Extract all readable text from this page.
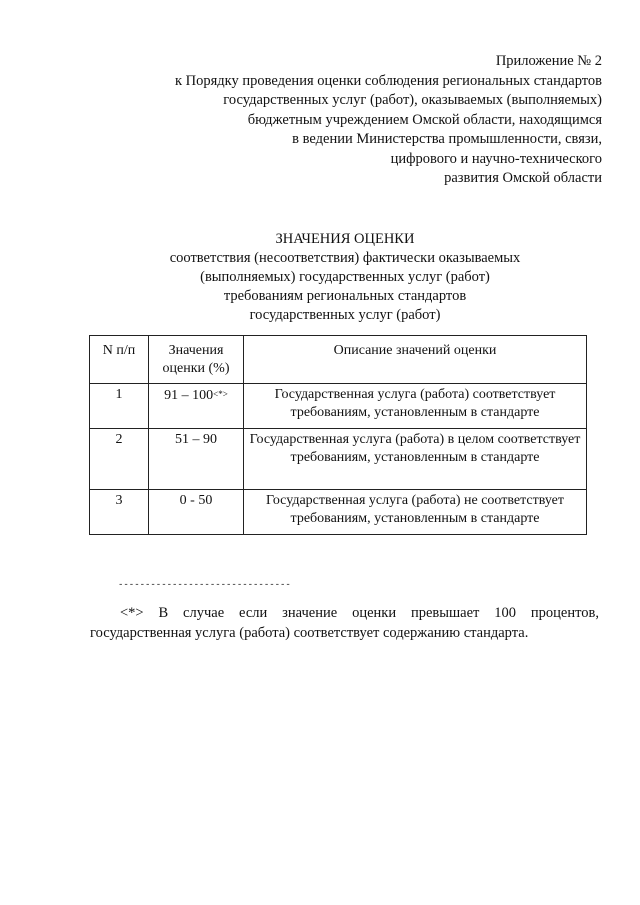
Приложение № 2
к Порядку проведения оценки соблюдения региональных стандартов
государственных услуг (работ), оказываемых (выполняемых)
бюджетным учреждением Омской области, находящимся
в ведении Министерства промышленности, связи,
цифрового и научно-технического
развития Омской области
ЗНАЧЕНИЯ ОЦЕНКИ
соответствия (несоответствия) фактически оказываемых
(выполняемых) государственных услуг (работ)
требованиям региональных стандартов
государственных услуг (работ)
N п/п	Значения оценки (%)	Описание значений оценки
1	91 – 100<*>	Государственная услуга (работа) соответствует требованиям, установленным в стандарте
2	51 – 90	Государственная услуга (работа) в целом соответствует требованиям, установленным в стандарте
3	0 - 50	Государственная услуга (работа) не соответствует требованиям, установленным в стандарте
--------------------------------
<*> В случае если значение оценки превышает 100 процентов, государственная услуга (работа) соответствует содержанию стандарта.
